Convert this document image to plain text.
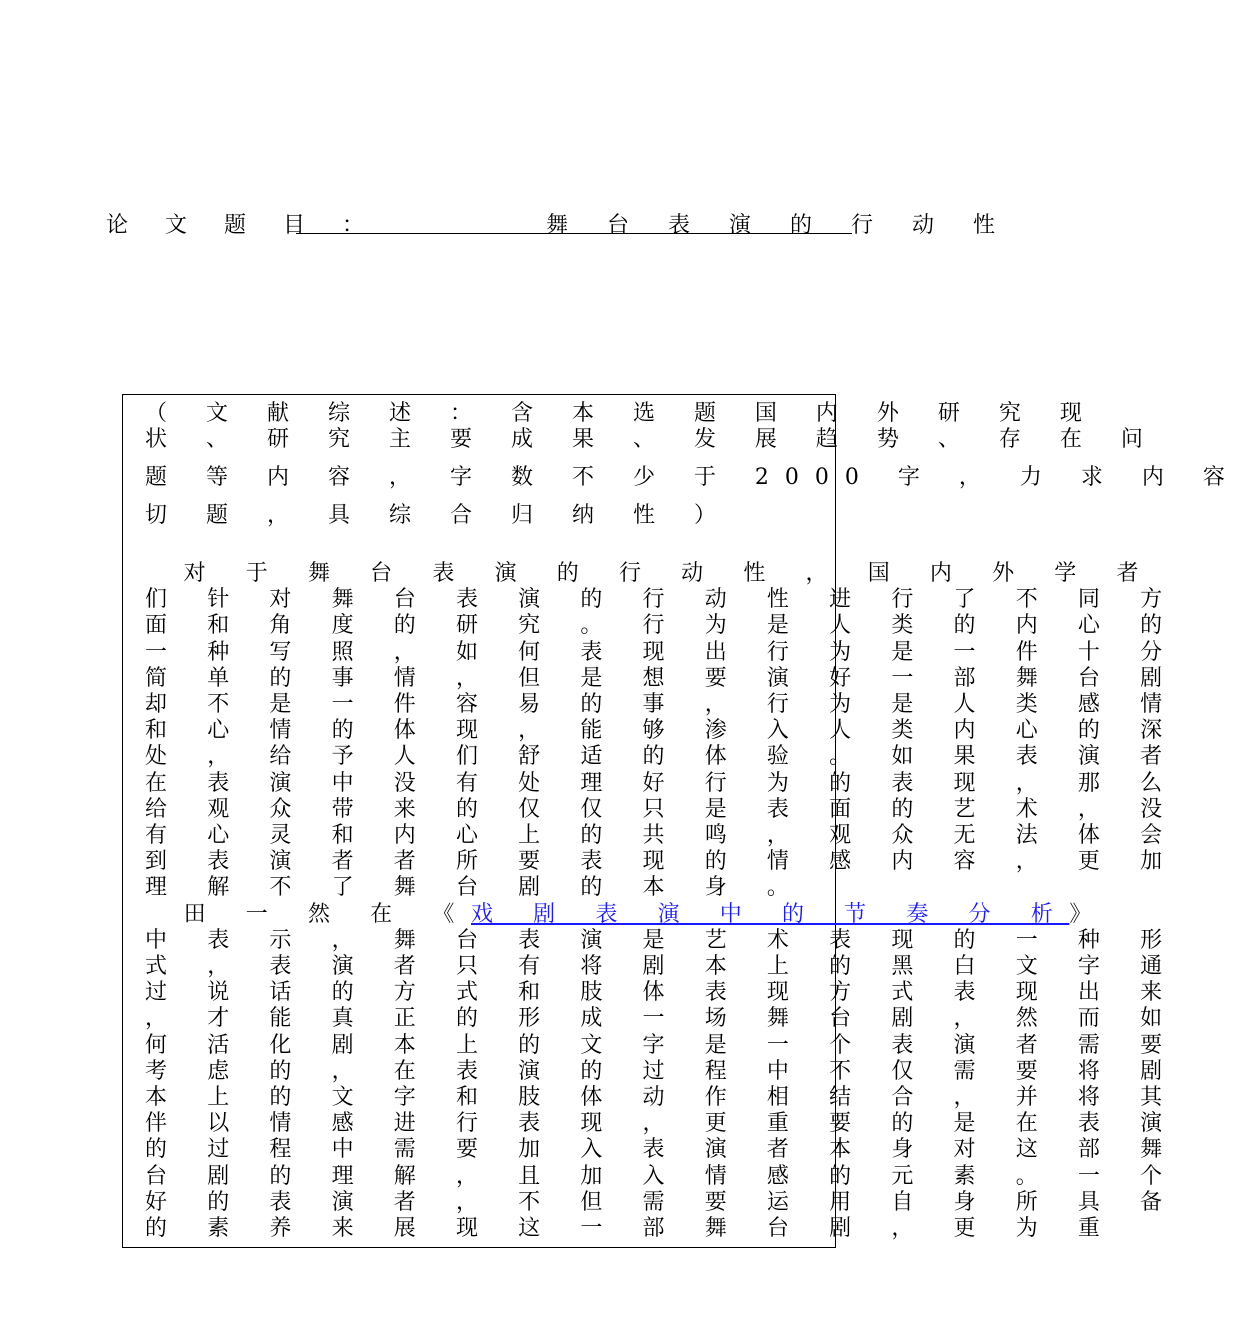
论 文 题 目 ：	舞 台 表 演 的 行 动 性
（ 文 献 综 述 ： 含 本 选 题 国 内 外 研 究 现
状 、 研 究 主 要 成 果 、 发 展 趋 势 、 存 在 问
题 等 内 容 ， 字 数 不 少 于 2000 字 ， 力 求 内 容
切 题 ， 具 综 合 归 纳 性 ）
　对 于 舞 台 表 演 的 行 动 性 ， 国 内 外 学 者
们 针 对 舞 台 表 演 的 行 动 性 进 行 了 不 同 方
面 和 角 度 的 研 究 。 行 为 是 人 类 的 内 心 的
一 种 写 照 ， 如 何 表 现 出 行 为 是 一 件 十 分
简 单 的 事 情 ， 但 是 想 要 演 好 一 部 舞 台 剧
却 不 是 一 件 容 易 的 事 ， 行 为 是 人 类 感 情
和 心 情 的 体 现 ， 能 够 渗 入 人 类 内 心 的 深
处 ， 给 予 人 们 舒 适 的 体 验 。 如 果 表 演 者
在 表 演 中 没 有 处 理 好 行 为 的 表 现 ， 那 么
给 观 众 带 来 的 仅 仅 只 是 表 面 的 艺 术 ， 没
有 心 灵 和 内 心 上 的 共 鸣 ， 观 众 无 法 体 会
到 表 演 者 者 所 要 表 现 的 情 感 内 容 ， 更 加
理 解 不 了 舞 台 剧 的 本 身 。
　田 一 然 在 《戏 剧 表 演 中 的 节 奏 分 析》
中 表 示 ， 舞 台 表 演 是 艺 术 表 现 的 一 种 形
式 ， 表 演 者 只 有 将 剧 本 上 的 黑 白 文 字 通
过 说 话 的 方 式 和 肢 体 表 现 方 式 表 现 出 来
， 才 能 真 正 的 形 成 一 场 舞 台 剧 ， 然 而 如
何 活 化 剧 本 上 的 文 字 是 一 个 表 演 者 需 要
考 虑 的 ， 在 表 演 的 过 程 中 不 仅 需 要 将 剧
本 上 的 文 字 和 肢 体 动 作 相 结 合 ， 并 将 其
伴 以 情 感 进 行 表 现 ， 更 重 要 的 是 在 表 演
的 过 程 中 需 要 加 入 表 演 者 本 身 对 这 部 舞
台 剧 的 理 解 ， 且 加 入 情 感 的 元 素 。 一 个
好 的 表 演 者 ， 不 但 需 要 运 用 自 身 所 具 备
的 素 养 来 展 现 这 一 部 舞 台 剧 ， 更 为 重
